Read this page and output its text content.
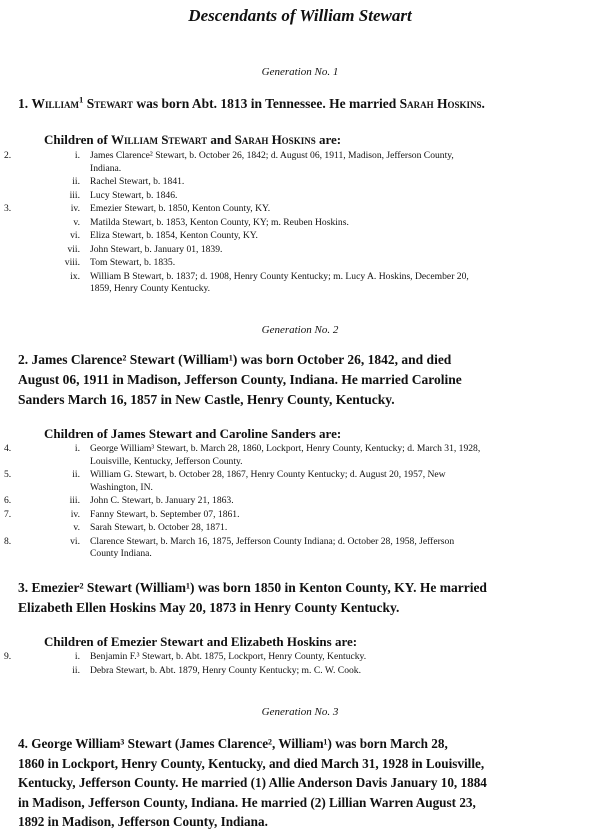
Descendants of William Stewart
Generation No. 1
1. William$^1$ Stewart was born Abt. 1813 in Tennessee. He married Sarah Hoskins.
Children of William Stewart and Sarah Hoskins are:
2.	i. James Clarence² Stewart, b. October 26, 1842; d. August 06, 1911, Madison, Jefferson County,
Indiana.
ii. Rachel Stewart, b. 1841.
iii. Lucy Stewart, b. 1846.
3.	iv. Emezier Stewart, b. 1850, Kenton County, KY.
v. Matilda Stewart, b. 1853, Kenton County, KY; m. Reuben Hoskins.
vi. Eliza Stewart, b. 1854, Kenton County, KY.
vii. John Stewart, b. January 01, 1839.
viii. Tom Stewart, b. 1835.
ix. William B Stewart, b. 1837; d. 1908, Henry County Kentucky; m. Lucy A. Hoskins, December 20,
1859, Henry County Kentucky.
Generation No. 2
2. James Clarence² Stewart (William¹) was born October 26, 1842, and died
August 06, 1911 in Madison, Jefferson County, Indiana. He married Caroline
Sanders March 16, 1857 in New Castle, Henry County, Kentucky.
Children of James Stewart and Caroline Sanders are:
4.	i. George William³ Stewart, b. March 28, 1860, Lockport, Henry County, Kentucky; d. March 31, 1928,
Louisville, Kentucky, Jefferson County.
5.	ii. William G. Stewart, b. October 28, 1867, Henry County Kentucky; d. August 20, 1957, New
Washington, IN.
6.	iii. John C. Stewart, b. January 21, 1863.
7.	iv. Fanny Stewart, b. September 07, 1861.
v. Sarah Stewart, b. October 28, 1871.
8.	vi. Clarence Stewart, b. March 16, 1875, Jefferson County Indiana; d. October 28, 1958, Jefferson
County Indiana.
3. Emezier² Stewart (William¹) was born 1850 in Kenton County, KY. He married
Elizabeth Ellen Hoskins May 20, 1873 in Henry County Kentucky.
Children of Emezier Stewart and Elizabeth Hoskins are:
9.	i. Benjamin F.³ Stewart, b. Abt. 1875, Lockport, Henry County, Kentucky.
ii. Debra Stewart, b. Abt. 1879, Henry County Kentucky; m. C. W. Cook.
Generation No. 3
4. George William³ Stewart (James Clarence², William¹) was born March 28,
1860 in Lockport, Henry County, Kentucky, and died March 31, 1928 in Louisville,
Kentucky, Jefferson County. He married (1) Allie Anderson Davis January 10, 1884
in Madison, Jefferson County, Indiana. He married (2) Lillian Warren August 23,
1892 in Madison, Jefferson County, Indiana.
